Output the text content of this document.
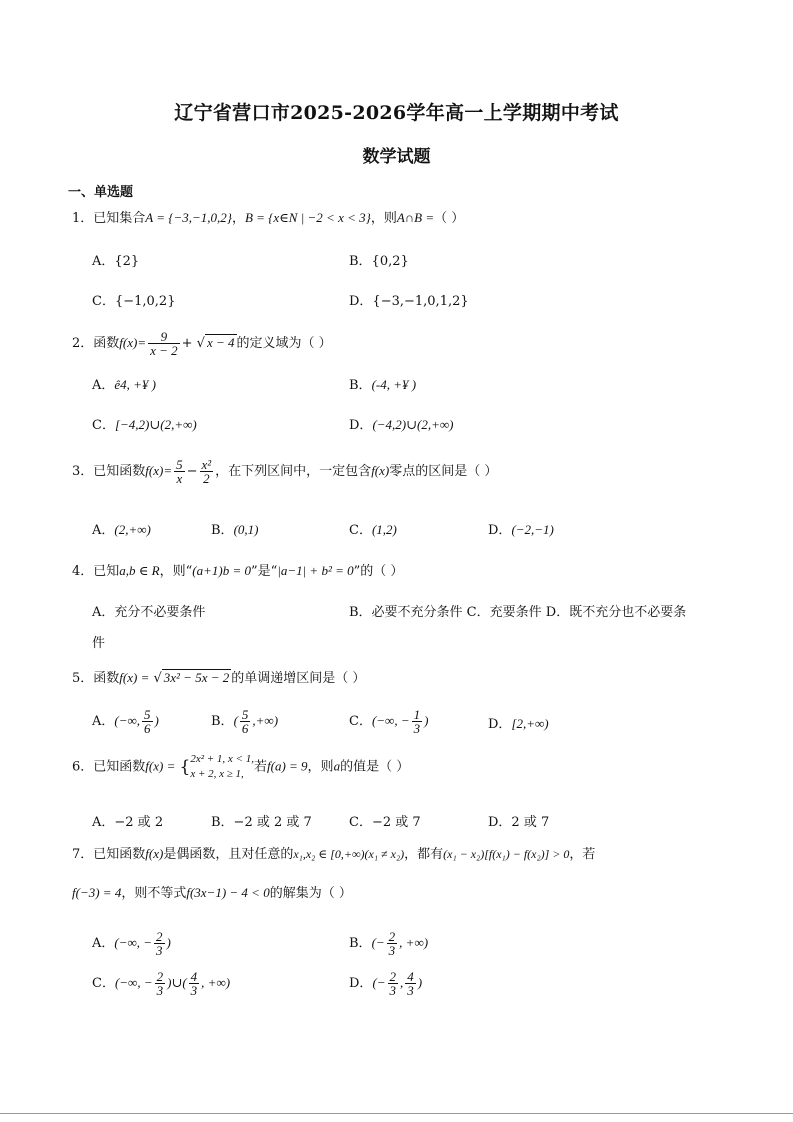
辽宁省营口市2025-2026学年高一上学期期中考试
数学试题
一、单选题
1．已知集合A = {−3,−1,0,2}，B = {x∈N | −2 < x < 3}，则A∩B =（ ）
A．{2}	B．{0,2}
C．{−1,0,2}	D．{−3,−1,0,1,2}
2．函数$f(x)= \frac{9}{x - 2}$ + √ x − 4 的定义域为（ ）
A．ê4, +¥ )	B．(-4, +¥ )
C．[−4,2)∪(2,+∞)	D．(−4,2)∪(2,+∞)
3．已知函数$f(x)= \frac{5}{x} - \frac{\text{x²}}{2}$ ，在下列区间中，一定包含f(x)零点的区间是（ ）
A．(2,+∞)	B．(0,1)	C．(1,2)	D．(−2,−1)
4．已知a,b ∈ R，则“(a+1)b = 0”是“|a−1| + b² = 0”的（ ）
A．充分不必要条件	B．必要不充分条件 C．充要条件 D．既不充分也不必要条
件
5．函数f(x) = √ 3x² − 5x − 2 的单调递增区间是（ ）
A．(−∞, $\frac{5}{6}$ )	B．( $\frac{5}{6}$ ,+∞)	C．(−∞, − $\frac{1}{3}$ )	D．[2,+∞)
6．已知函数f(x) = { 2x² + 1, x < 1,
x + 2, x ≥ 1, 若f(a) = 9，则a的值是（ ）
A．−2 或 2	B．−2 或 2 或 7	C．−2 或 7	D．2 或 7
7．已知函数f(x)是偶函数，且对任意的x₁,x₂ ∈ [0,+∞)(x₁ ≠ x₂)，都有(x₁ − x₂)[f(x₁) − f(x₂)] > 0，若
f(−3) = 4，则不等式f(3x−1) − 4 < 0的解集为（ ）
A．(−∞, − $\frac{2}{3}$ )	B．(− $\frac{2}{3}$ , +∞)
C．(−∞, − $\frac{2}{3}$ )∪( $\frac{4}{3}$ , +∞)	D．(− $\frac{2}{3}$ , $\frac{4}{3}$ )
